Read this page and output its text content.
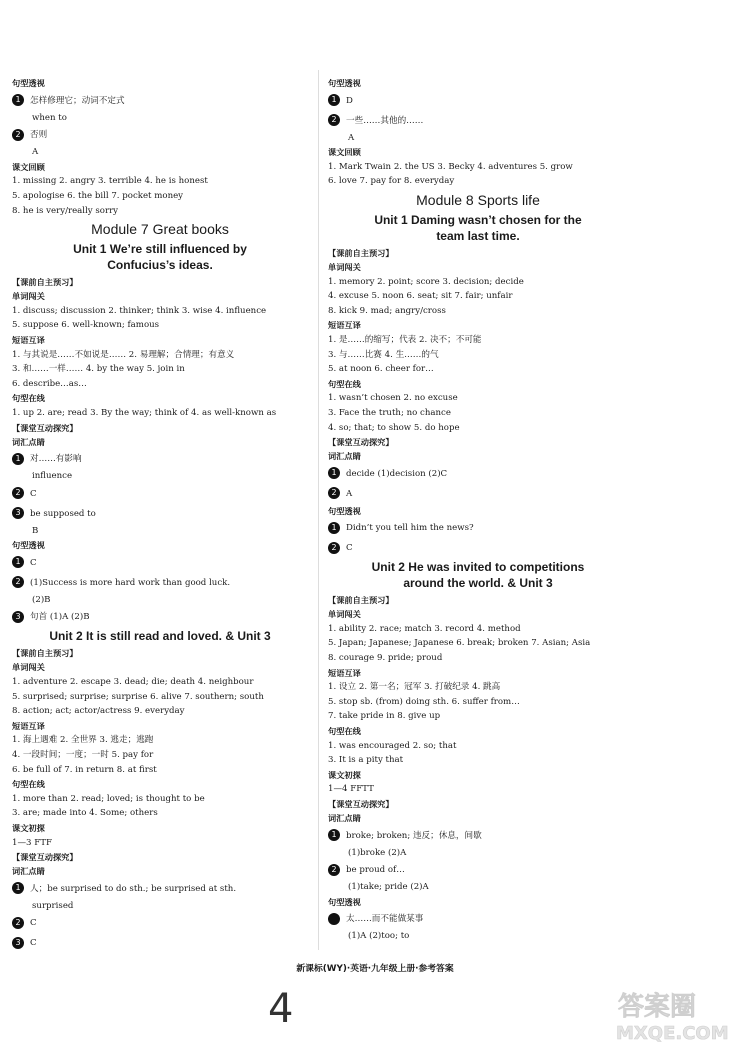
句型透视
1 怎样修理它；动词不定式
when to
2 否则
A
课文回顾
1. missing 2. angry 3. terrible 4. he is honest
5. apologise 6. the bill 7. pocket money
8. he is very/really sorry
Module 7 Great books
Unit 1 We’re still influenced by
Confucius’s ideas.
【课前自主预习】
单词闯关
1. discuss; discussion 2. thinker; think 3. wise 4. influence
5. suppose 6. well-known; famous
短语互译
1. 与其说是……不如说是…… 2. 易理解；合情理；有意义
3. 和……一样…… 4. by the way 5. join in
6. describe…as…
句型在线
1. up 2. are; read 3. By the way; think of 4. as well-known as
【课堂互动探究】
词汇点睛
1 对……有影响
influence
2 C
3 be supposed to
B
句型透视
1 C
2 (1)Success is more hard work than good luck.
(2)B
3 句首 (1)A (2)B
Unit 2 It is still read and loved. & Unit 3
【课前自主预习】
单词闯关
1. adventure 2. escape 3. dead; die; death 4. neighbour
5. surprised; surprise; surprise 6. alive 7. southern; south
8. action; act; actor/actress 9. everyday
短语互译
1. 海上遇难 2. 全世界 3. 逃走；逃跑
4. 一段时间；一度；一时 5. pay for
6. be full of 7. in return 8. at first
句型在线
1. more than 2. read; loved; is thought to be
3. are; made into 4. Some; others
课文初探
1—3 FTF
【课堂互动探究】
词汇点睛
1 人；be surprised to do sth.; be surprised at sth.
surprised
2 C
3 C
句型透视
1 D
2 一些……其他的……
A
课文回顾
1. Mark Twain 2. the US 3. Becky 4. adventures 5. grow
6. love 7. pay for 8. everyday
Module 8 Sports life
Unit 1 Daming wasn’t chosen for the
team last time.
【课前自主预习】
单词闯关
1. memory 2. point; score 3. decision; decide
4. excuse 5. noon 6. seat; sit 7. fair; unfair
8. kick 9. mad; angry/cross
短语互译
1. 是……的缩写；代表 2. 决不；不可能
3. 与……比赛 4. 生……的气
5. at noon 6. cheer for…
句型在线
1. wasn’t chosen 2. no excuse
3. Face the truth; no chance
4. so; that; to show 5. do hope
【课堂互动探究】
词汇点睛
1 decide (1)decision (2)C
2 A
句型透视
1 Didn’t you tell him the news?
2 C
Unit 2 He was invited to competitions
around the world. & Unit 3
【课前自主预习】
单词闯关
1. ability 2. race; match 3. record 4. method
5. Japan; Japanese; Japanese 6. break; broken 7. Asian; Asia
8. courage 9. pride; proud
短语互译
1. 设立 2. 第一名；冠军 3. 打破纪录 4. 跳高
5. stop sb. (from) doing sth. 6. suffer from…
7. take pride in 8. give up
句型在线
1. was encouraged 2. so; that
3. It is a pity that
课文初探
1—4 FFTT
【课堂互动探究】
词汇点睛
1 broke; broken; 违反；休息，间歇
(1)broke (2)A
2 be proud of…
(1)take; pride (2)A
句型透视
太……而不能做某事
(1)A (2)too; to
新课标(WY)·英语·九年级上册·参考答案
4	答案圈
MXQE.COM
